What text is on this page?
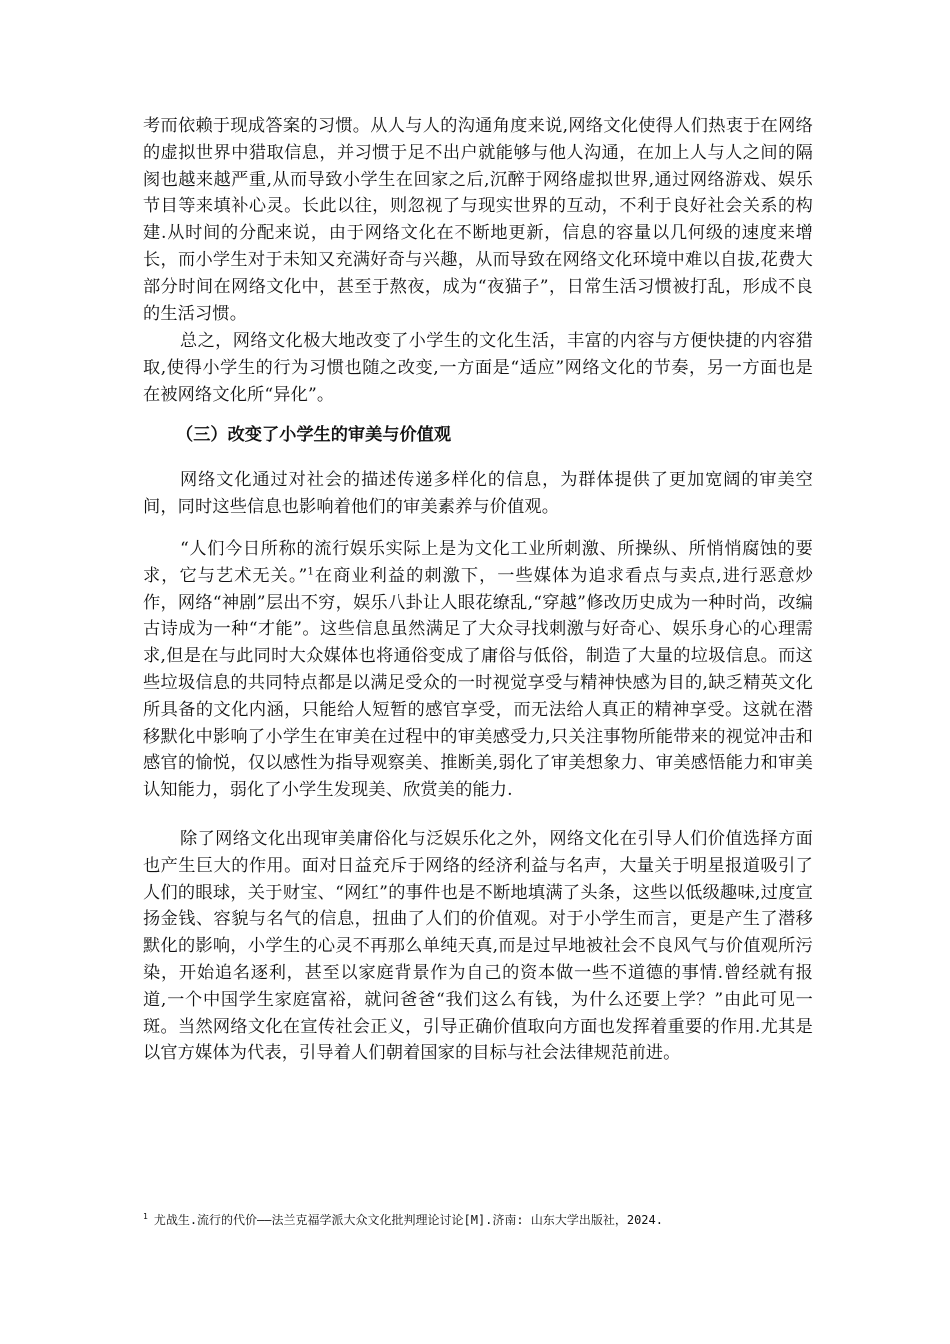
考而依赖于现成答案的习惯。从人与人的沟通角度来说,网络文化使得人们热衷于在网络的虚拟世界中猎取信息，并习惯于足不出户就能够与他人沟通，在加上人与人之间的隔阂也越来越严重,从而导致小学生在回家之后,沉醉于网络虚拟世界,通过网络游戏、娱乐节目等来填补心灵。长此以往，则忽视了与现实世界的互动，不利于良好社会关系的构建.从时间的分配来说，由于网络文化在不断地更新，信息的容量以几何级的速度来增长，而小学生对于未知又充满好奇与兴趣，从而导致在网络文化环境中难以自拔,花费大部分时间在网络文化中，甚至于熬夜，成为“夜猫子”，日常生活习惯被打乱，形成不良的生活习惯。

总之，网络文化极大地改变了小学生的文化生活，丰富的内容与方便快捷的内容猎取,使得小学生的行为习惯也随之改变,一方面是“适应”网络文化的节奏，另一方面也是在被网络文化所“异化”。

（三）改变了小学生的审美与价值观

网络文化通过对社会的描述传递多样化的信息，为群体提供了更加宽阔的审美空间，同时这些信息也影响着他们的审美素养与价值观。

“人们今日所称的流行娱乐实际上是为文化工业所刺激、所操纵、所悄悄腐蚀的要求，它与艺术无关。”$^1$在商业利益的刺激下，一些媒体为追求看点与卖点,进行恶意炒作，网络“神剧”层出不穷，娱乐八卦让人眼花缭乱,“穿越”修改历史成为一种时尚，改编古诗成为一种“才能”。这些信息虽然满足了大众寻找刺激与好奇心、娱乐身心的心理需求,但是在与此同时大众媒体也将通俗变成了庸俗与低俗，制造了大量的垃圾信息。而这些垃圾信息的共同特点都是以满足受众的一时视觉享受与精神快感为目的,缺乏精英文化所具备的文化内涵，只能给人短暂的感官享受，而无法给人真正的精神享受。这就在潜移默化中影响了小学生在审美在过程中的审美感受力,只关注事物所能带来的视觉冲击和感官的愉悦，仅以感性为指导观察美、推断美,弱化了审美想象力、审美感悟能力和审美认知能力，弱化了小学生发现美、欣赏美的能力.

除了网络文化出现审美庸俗化与泛娱乐化之外，网络文化在引导人们价值选择方面也产生巨大的作用。面对日益充斥于网络的经济利益与名声，大量关于明星报道吸引了人们的眼球，关于财宝、“网红”的事件也是不断地填满了头条，这些以低级趣味,过度宣扬金钱、容貌与名气的信息，扭曲了人们的价值观。对于小学生而言，更是产生了潜移默化的影响，小学生的心灵不再那么单纯天真,而是过早地被社会不良风气与价值观所污染，开始追名逐利，甚至以家庭背景作为自己的资本做一些不道德的事情.曾经就有报道,一个中国学生家庭富裕，就问爸爸“我们这么有钱，为什么还要上学？”由此可见一斑。当然网络文化在宣传社会正义，引导正确价值取向方面也发挥着重要的作用.尤其是以官方媒体为代表，引导着人们朝着国家的目标与社会法律规范前进。

$^1$ 尤战生.流行的代价——法兰克福学派大众文化批判理论讨论[M].济南: 山东大学出版社，2024.
